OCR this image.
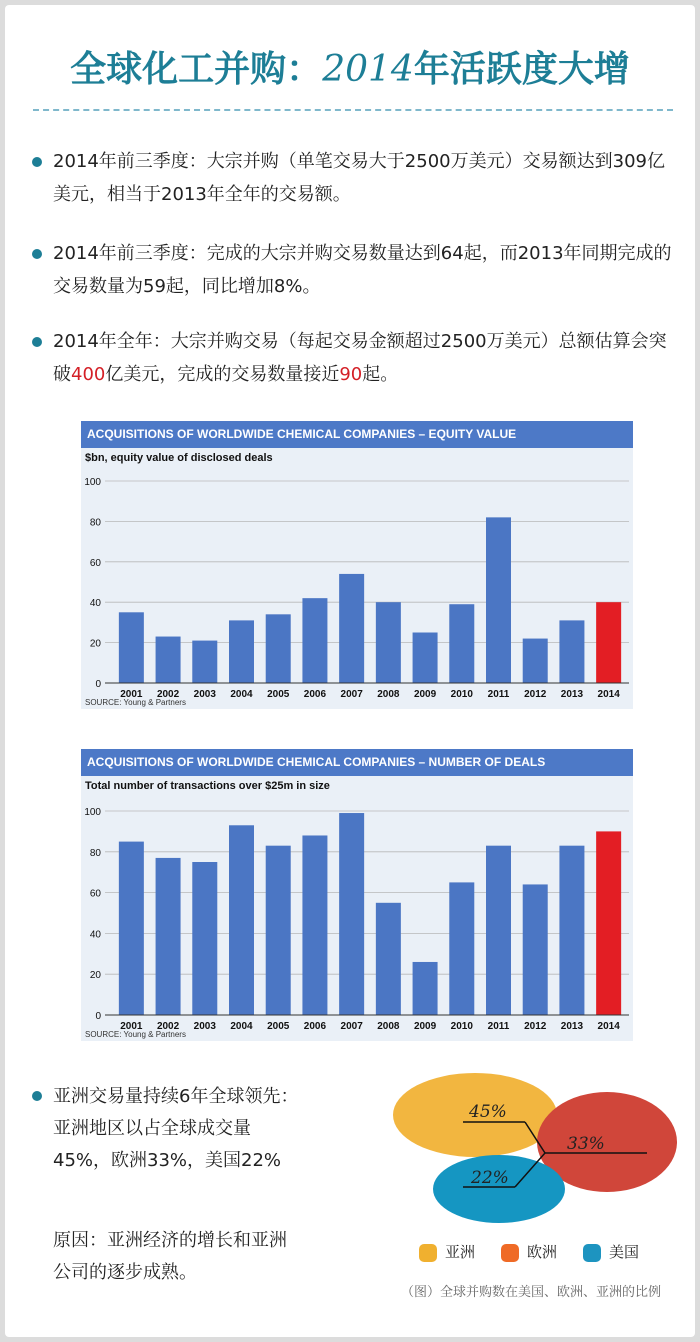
全球化工并购：2014年活跃度大增
2014年前三季度：大宗并购（单笔交易大于2500万美元）交易额达到309亿美元，相当于2013年全年的交易额。
2014年前三季度：完成的大宗并购交易数量达到64起，而2013年同期完成的交易数量为59起，同比增加8%。
2014年全年：大宗并购交易（每起交易金额超过2500万美元）总额估算会突破400亿美元，完成的交易数量接近90起。
ACQUISITIONS OF WORLDWIDE CHEMICAL COMPANIES – EQUITY VALUE
$bn, equity value of disclosed deals
0
20
40
60
80
100
2001 2002 2003 2004 2005 2006 2007 2008 2009 2010 2011 2012 2013 2014
SOURCE: Young & Partners
ACQUISITIONS OF WORLDWIDE CHEMICAL COMPANIES – NUMBER OF DEALS
Total number of transactions over $25m in size
0
20
40
60
80
100
2001 2002 2003 2004 2005 2006 2007 2008 2009 2010 2011 2012 2013 2014
SOURCE: Young & Partners
亚洲交易量持续6年全球领先：
亚洲地区以占全球成交量
45%，欧洲33%，美国22%
原因：亚洲经济的增长和亚洲
公司的逐步成熟。
45%
33%
22%
亚洲	欧洲	美国
（图）全球并购数在美国、欧洲、亚洲的比例
